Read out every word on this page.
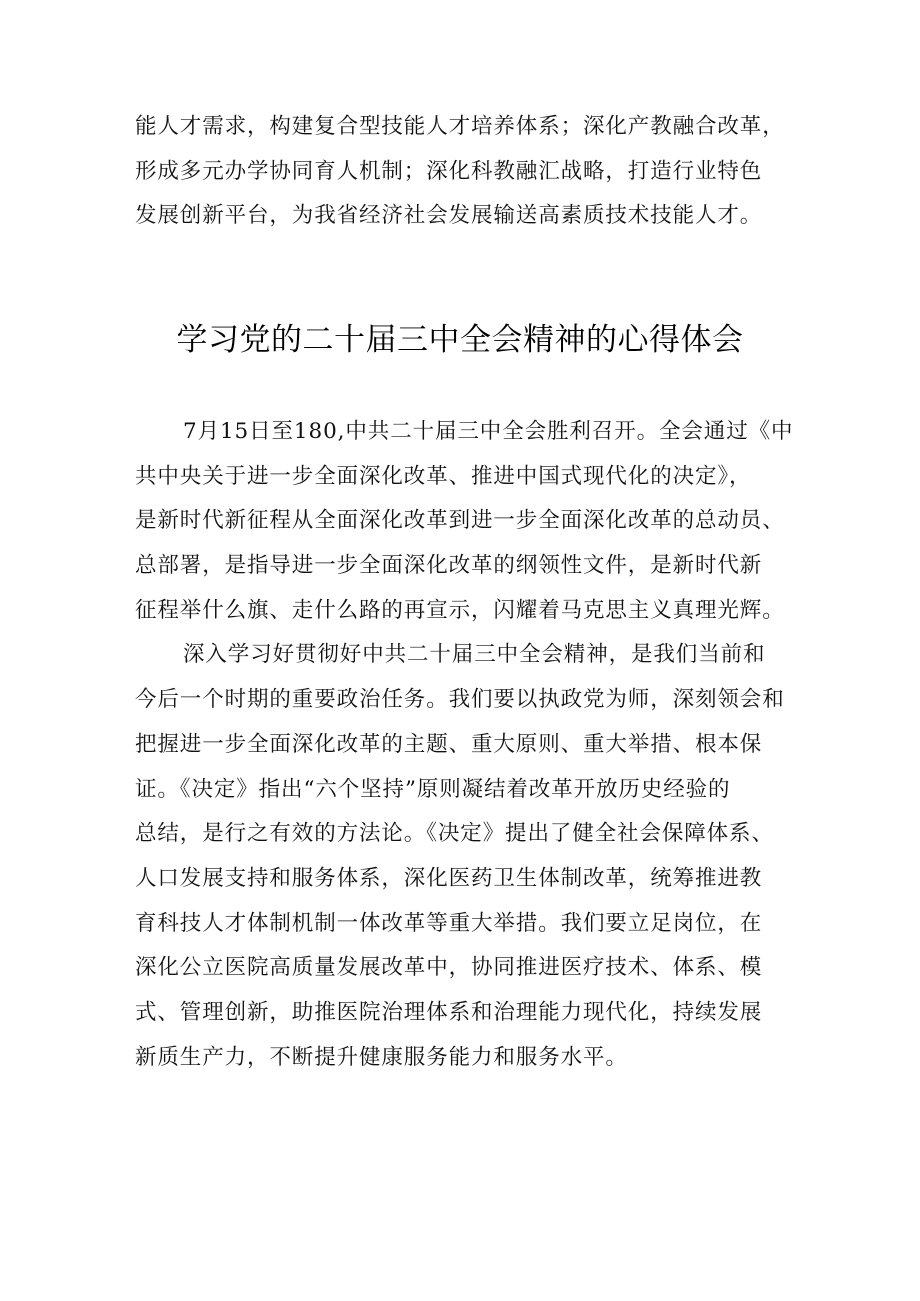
能人才需求，构建复合型技能人才培养体系；深化产教融合改革，
形成多元办学协同育人机制；深化科教融汇战略，打造行业特色
发展创新平台，为我省经济社会发展输送高素质技术技能人才。
学习党的二十届三中全会精神的心得体会
7月15日至180,中共二十届三中全会胜利召开。全会通过《中
共中央关于进一步全面深化改革、推进中国式现代化的决定》，
是新时代新征程从全面深化改革到进一步全面深化改革的总动员、
总部署，是指导进一步全面深化改革的纲领性文件，是新时代新
征程举什么旗、走什么路的再宣示，闪耀着马克思主义真理光辉。
深入学习好贯彻好中共二十届三中全会精神，是我们当前和
今后一个时期的重要政治任务。我们要以执政党为师，深刻领会和
把握进一步全面深化改革的主题、重大原则、重大举措、根本保
证。《决定》指出“六个坚持”原则凝结着改革开放历史经验的
总结，是行之有效的方法论。《决定》提出了健全社会保障体系、
人口发展支持和服务体系，深化医药卫生体制改革，统筹推进教
育科技人才体制机制一体改革等重大举措。我们要立足岗位，在
深化公立医院高质量发展改革中，协同推进医疗技术、体系、模
式、管理创新，助推医院治理体系和治理能力现代化，持续发展
新质生产力，不断提升健康服务能力和服务水平。
